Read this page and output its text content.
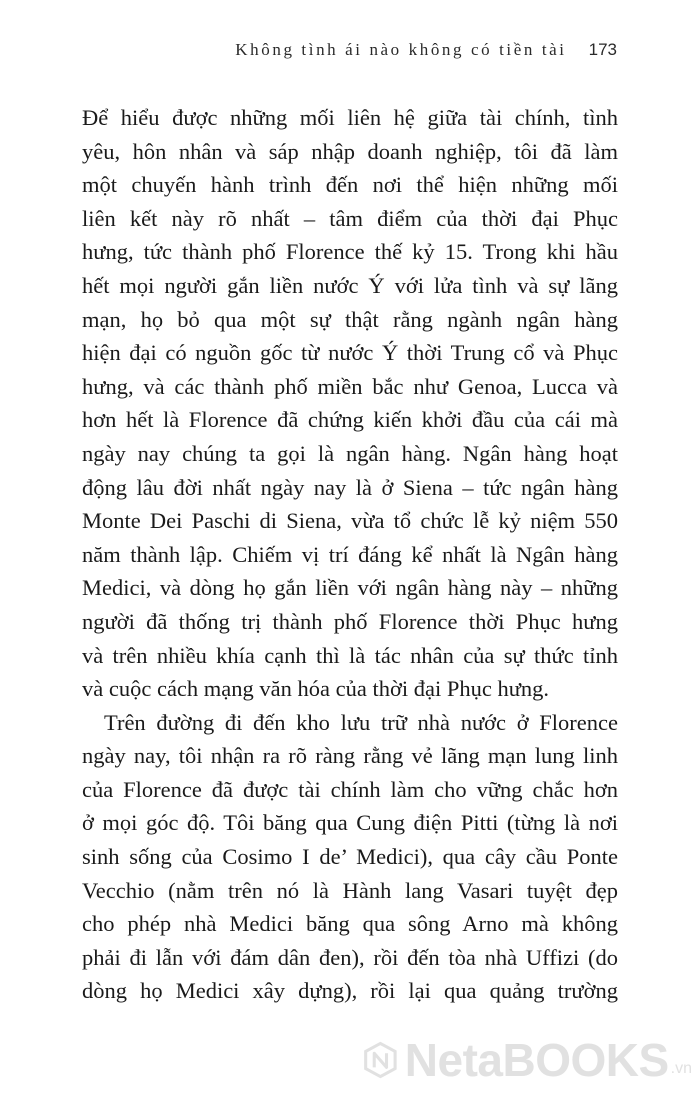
Không tình ái nào không có tiền tài 173
Để hiểu được những mối liên hệ giữa tài chính, tình
yêu, hôn nhân và sáp nhập doanh nghiệp, tôi đã làm
một chuyến hành trình đến nơi thể hiện những mối
liên kết này rõ nhất – tâm điểm của thời đại Phục
hưng, tức thành phố Florence thế kỷ 15. Trong khi hầu
hết mọi người gắn liền nước Ý với lửa tình và sự lãng
mạn, họ bỏ qua một sự thật rằng ngành ngân hàng
hiện đại có nguồn gốc từ nước Ý thời Trung cổ và Phục
hưng, và các thành phố miền bắc như Genoa, Lucca và
hơn hết là Florence đã chứng kiến khởi đầu của cái mà
ngày nay chúng ta gọi là ngân hàng. Ngân hàng hoạt
động lâu đời nhất ngày nay là ở Siena – tức ngân hàng
Monte Dei Paschi di Siena, vừa tổ chức lễ kỷ niệm 550
năm thành lập. Chiếm vị trí đáng kể nhất là Ngân hàng
Medici, và dòng họ gắn liền với ngân hàng này – những
người đã thống trị thành phố Florence thời Phục hưng
và trên nhiều khía cạnh thì là tác nhân của sự thức tỉnh
và cuộc cách mạng văn hóa của thời đại Phục hưng.
Trên đường đi đến kho lưu trữ nhà nước ở Florence
ngày nay, tôi nhận ra rõ ràng rằng vẻ lãng mạn lung linh
của Florence đã được tài chính làm cho vững chắc hơn
ở mọi góc độ. Tôi băng qua Cung điện Pitti (từng là nơi
sinh sống của Cosimo I de’ Medici), qua cây cầu Ponte
Vecchio (nằm trên nó là Hành lang Vasari tuyệt đẹp
cho phép nhà Medici băng qua sông Arno mà không
phải đi lẫn với đám dân đen), rồi đến tòa nhà Uffizi (do
dòng họ Medici xây dựng), rồi lại qua quảng trường
NetaBOOKS .vn
